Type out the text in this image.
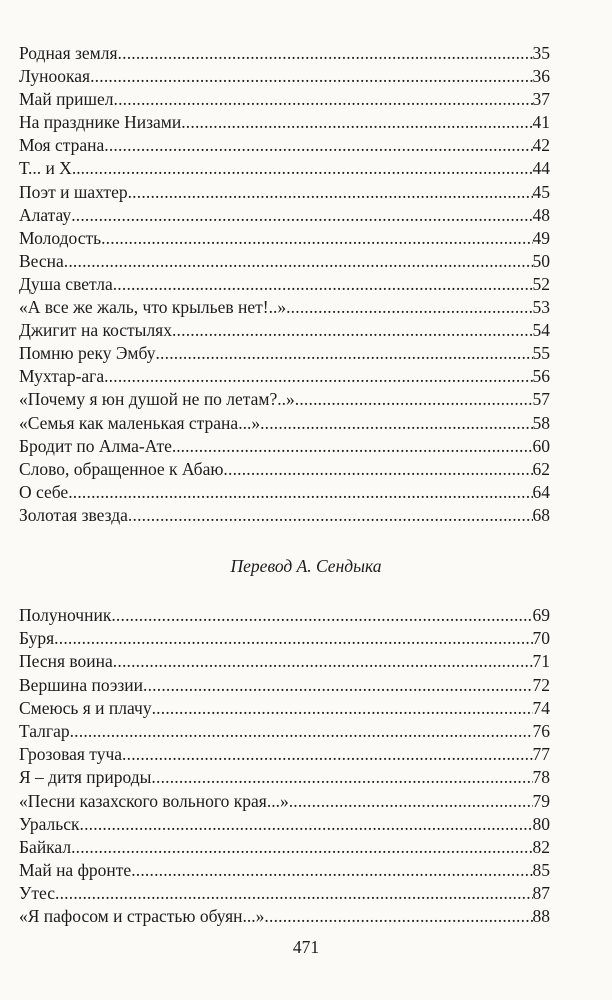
Родная земля .....	35
Луноокая .....	36
Май пришел .....	37
На празднике Низами .....	41
Моя страна .....	42
Т... и Х... .....	44
Поэт и шахтер .....	45
Алатау .....	48
Молодость .....	49
Весна .....	50
Душа светла .....	52
«А все же жаль, что крыльев нет!..» .....	53
Джигит на костылях .....	54
Помню реку Эмбу .....	55
Мухтар-ага .....	56
«Почему я юн душой не по летам?..» .....	57
«Семья как маленькая страна...» .....	58
Бродит по Алма-Ате... .....	60
Слово, обращенное к Абаю .....	62
О себе .....	64
Золотая звезда .....	68
Перевод А. Сендыка
Полуночник .....	69
Буря .....	70
Песня воина .....	71
Вершина поэзии .....	72
Смеюсь я и плачу .....	74
Талгар .....	76
Грозовая туча .....	77
Я – дитя природы .....	78
«Песни казахского вольного края...» .....	79
Уральск .....	80
Байкал .....	82
Май на фронте .....	85
Утес .....	87
«Я пафосом и страстью обуян...» .....	88
471
